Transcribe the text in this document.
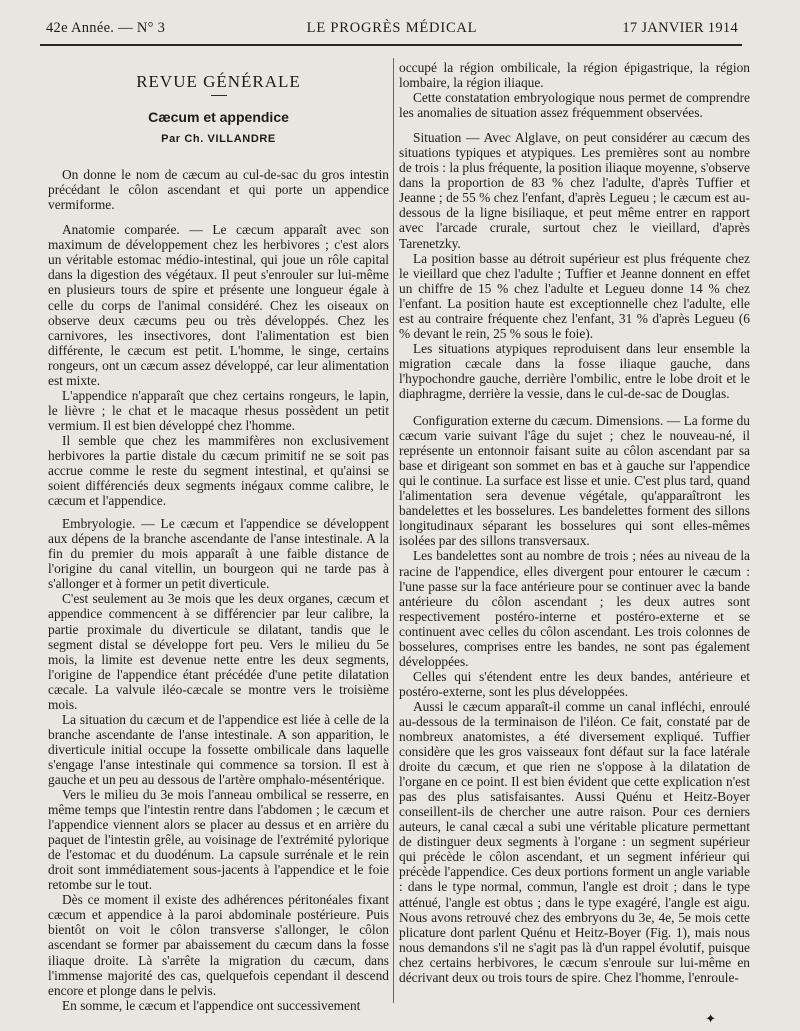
42e Année. — N° 3	LE PROGRÈS MÉDICAL	17 JANVIER 1914
REVUE GÉNÉRALE
Cæcum et appendice
Par Ch. VILLANDRE

On donne le nom de cæcum au cul-de-sac du gros intestin précédant le côlon ascendant et qui porte un appendice vermiforme.

Anatomie comparée. — Le cæcum apparaît avec son maximum de développement chez les herbivores ; c'est alors un véritable estomac médio-intestinal, qui joue un rôle capital dans la digestion des végétaux. Il peut s'enrouler sur lui-même en plusieurs tours de spire et présente une longueur égale à celle du corps de l'animal considéré. Chez les oiseaux on observe deux cæcums peu ou très développés. Chez les carnivores, les insectivores, dont l'alimentation est bien différente, le cæcum est petit. L'homme, le singe, certains rongeurs, ont un cæcum assez développé, car leur alimentation est mixte.

L'appendice n'apparaît que chez certains rongeurs, le lapin, le lièvre ; le chat et le macaque rhesus possèdent un petit vermium. Il est bien développé chez l'homme.

Il semble que chez les mammifères non exclusivement herbivores la partie distale du cæcum primitif ne se soit pas accrue comme le reste du segment intestinal, et qu'ainsi se soient différenciés deux segments inégaux comme calibre, le cæcum et l'appendice.

Embryologie. — Le cæcum et l'appendice se développent aux dépens de la branche ascendante de l'anse intestinale. A la fin du premier du mois apparaît à une faible distance de l'origine du canal vitellin, un bourgeon qui ne tarde pas à s'allonger et à former un petit diverticule.

C'est seulement au 3e mois que les deux organes, cæcum et appendice commencent à se différencier par leur calibre, la partie proximale du diverticule se dilatant, tandis que le segment distal se développe fort peu. Vers le milieu du 5e mois, la limite est devenue nette entre les deux segments, l'origine de l'appendice étant précédée d'une petite dilatation cæcale. La valvule iléo-cæcale se montre vers le troisième mois.

La situation du cæcum et de l'appendice est liée à celle de la branche ascendante de l'anse intestinale. A son apparition, le diverticule initial occupe la fossette ombilicale dans laquelle s'engage l'anse intestinale qui commence sa torsion. Il est à gauche et un peu au dessous de l'artère omphalo-mésentérique.

Vers le milieu du 3e mois l'anneau ombilical se resserre, en même temps que l'intestin rentre dans l'abdomen ; le cæcum et l'appendice viennent alors se placer au dessus et en arrière du paquet de l'intestin grêle, au voisinage de l'extrémité pylorique de l'estomac et du duodénum. La capsule surrénale et le rein droit sont immédiatement sous-jacents à l'appendice et le foie retombe sur le tout.

Dès ce moment il existe des adhérences péritonéales fixant cæcum et appendice à la paroi abdominale postérieure. Puis bientôt on voit le côlon transverse s'allonger, le côlon ascendant se former par abaissement du cæcum dans la fosse iliaque droite. Là s'arrête la migration du cæcum, dans l'immense majorité des cas, quelquefois cependant il descend encore et plonge dans le pelvis.

En somme, le cæcum et l'appendice ont successivement

occupé la région ombilicale, la région épigastrique, la région lombaire, la région iliaque.

Cette constatation embryologique nous permet de comprendre les anomalies de situation assez fréquemment observées.

Situation — Avec Alglave, on peut considérer au cæcum des situations typiques et atypiques. Les premières sont au nombre de trois : la plus fréquente, la position iliaque moyenne, s'observe dans la proportion de 83 % chez l'adulte, d'après Tuffier et Jeanne ; de 55 % chez l'enfant, d'après Legueu ; le cæcum est au-dessous de la ligne bisiliaque, et peut même entrer en rapport avec l'arcade crurale, surtout chez le vieillard, d'après Tarenetzky.

La position basse au détroit supérieur est plus fréquente chez le vieillard que chez l'adulte ; Tuffier et Jeanne donnent en effet un chiffre de 15 % chez l'adulte et Legueu donne 14 % chez l'enfant. La position haute est exceptionnelle chez l'adulte, elle est au contraire fréquente chez l'enfant, 31 % d'après Legueu (6 % devant le rein, 25 % sous le foie).

Les situations atypiques reproduisent dans leur ensemble la migration cæcale dans la fosse iliaque gauche, dans l'hypochondre gauche, derrière l'ombilic, entre le lobe droit et le diaphragme, derrière la vessie, dans le cul-de-sac de Douglas.

Configuration externe du cæcum. Dimensions. — La forme du cæcum varie suivant l'âge du sujet ; chez le nouveau-né, il représente un entonnoir faisant suite au côlon ascendant par sa base et dirigeant son sommet en bas et à gauche sur l'appendice qui le continue. La surface est lisse et unie. C'est plus tard, quand l'alimentation sera devenue végétale, qu'apparaîtront les bandelettes et les bosselures. Les bandelettes forment des sillons longitudinaux séparant les bosselures qui sont elles-mêmes isolées par des sillons transversaux.

Les bandelettes sont au nombre de trois ; nées au niveau de la racine de l'appendice, elles divergent pour entourer le cæcum : l'une passe sur la face antérieure pour se continuer avec la bande antérieure du côlon ascendant ; les deux autres sont respectivement postéro-interne et postéro-externe et se continuent avec celles du côlon ascendant. Les trois colonnes de bosselures, comprises entre les bandes, ne sont pas également développées.

Celles qui s'étendent entre les deux bandes, antérieure et postéro-externe, sont les plus développées.

Aussi le cæcum apparaît-il comme un canal infléchi, enroulé au-dessous de la terminaison de l'iléon. Ce fait, constaté par de nombreux anatomistes, a été diversement expliqué. Tuffier considère que les gros vaisseaux font défaut sur la face latérale droite du cæcum, et que rien ne s'oppose à la dilatation de l'organe en ce point. Il est bien évident que cette explication n'est pas des plus satisfaisantes. Aussi Quénu et Heitz-Boyer conseillent-ils de chercher une autre raison. Pour ces derniers auteurs, le canal cæcal a subi une véritable plicature permettant de distinguer deux segments à l'organe : un segment supérieur qui précède le côlon ascendant, et un segment inférieur qui précède l'appendice. Ces deux portions forment un angle variable : dans le type normal, commun, l'angle est droit ; dans le type atténué, l'angle est obtus ; dans le type exagéré, l'angle est aigu. Nous avons retrouvé chez des embryons du 3e, 4e, 5e mois cette plicature dont parlent Quénu et Heitz-Boyer (Fig. 1), mais nous nous demandons s'il ne s'agit pas là d'un rappel évolutif, puisque chez certains herbivores, le cæcum s'enroule sur lui-même en décrivant deux ou trois tours de spire. Chez l'homme, l'enroule-

✦
